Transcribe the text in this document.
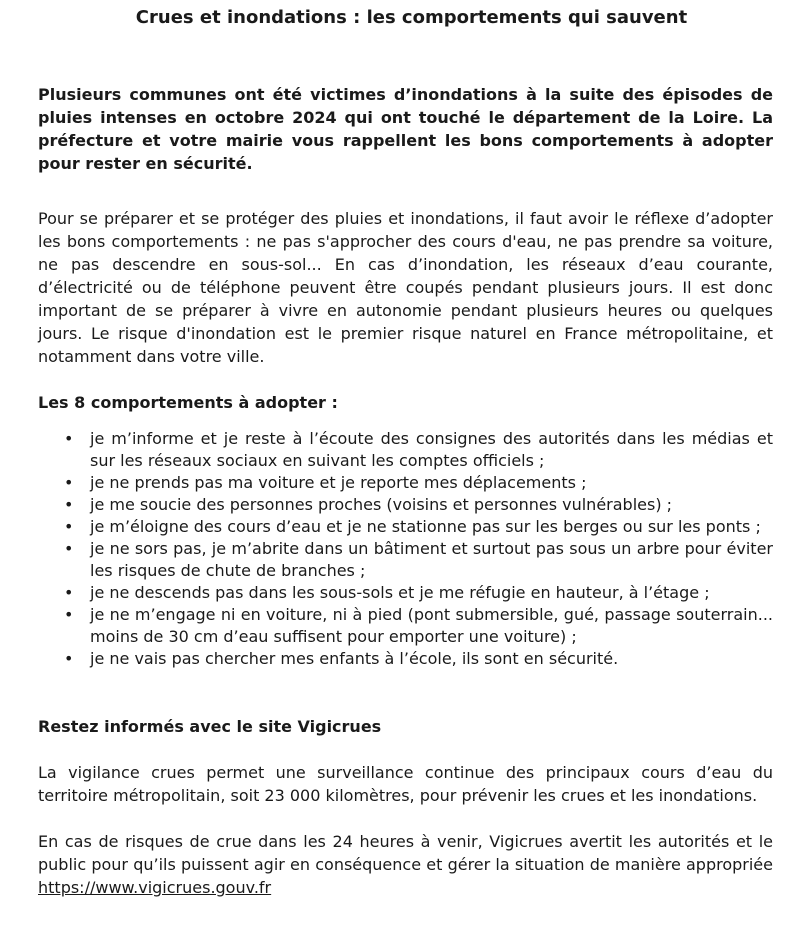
Crues et inondations : les comportements qui sauvent

Plusieurs communes ont été victimes d’inondations à la suite des épisodes de pluies intenses en octobre 2024 qui ont touché le département de la Loire. La préfecture et votre mairie vous rappellent les bons comportements à adopter pour rester en sécurité.

Pour se préparer et se protéger des pluies et inondations, il faut avoir le réflexe d’adopter les bons comportements : ne pas s'approcher des cours d'eau, ne pas prendre sa voiture, ne pas descendre en sous-sol... En cas d’inondation, les réseaux d’eau courante, d’électricité ou de téléphone peuvent être coupés pendant plusieurs jours. Il est donc important de se préparer à vivre en autonomie pendant plusieurs heures ou quelques jours. Le risque d'inondation est le premier risque naturel en France métropolitaine, et notamment dans votre ville.

Les 8 comportements à adopter :

• je m’informe et je reste à l’écoute des consignes des autorités dans les médias et sur les réseaux sociaux en suivant les comptes officiels ;
• je ne prends pas ma voiture et je reporte mes déplacements ;
• je me soucie des personnes proches (voisins et personnes vulnérables) ;
• je m’éloigne des cours d’eau et je ne stationne pas sur les berges ou sur les ponts ;
• je ne sors pas, je m’abrite dans un bâtiment et surtout pas sous un arbre pour éviter les risques de chute de branches ;
• je ne descends pas dans les sous-sols et je me réfugie en hauteur, à l’étage ;
• je ne m’engage ni en voiture, ni à pied (pont submersible, gué, passage souterrain... moins de 30 cm d’eau suffisent pour emporter une voiture) ;
• je ne vais pas chercher mes enfants à l’école, ils sont en sécurité.

Restez informés avec le site Vigicrues

La vigilance crues permet une surveillance continue des principaux cours d’eau du territoire métropolitain, soit 23 000 kilomètres, pour prévenir les crues et les inondations.

En cas de risques de crue dans les 24 heures à venir, Vigicrues avertit les autorités et le public pour qu’ils puissent agir en conséquence et gérer la situation de manière appropriée https://www.vigicrues.gouv.fr
